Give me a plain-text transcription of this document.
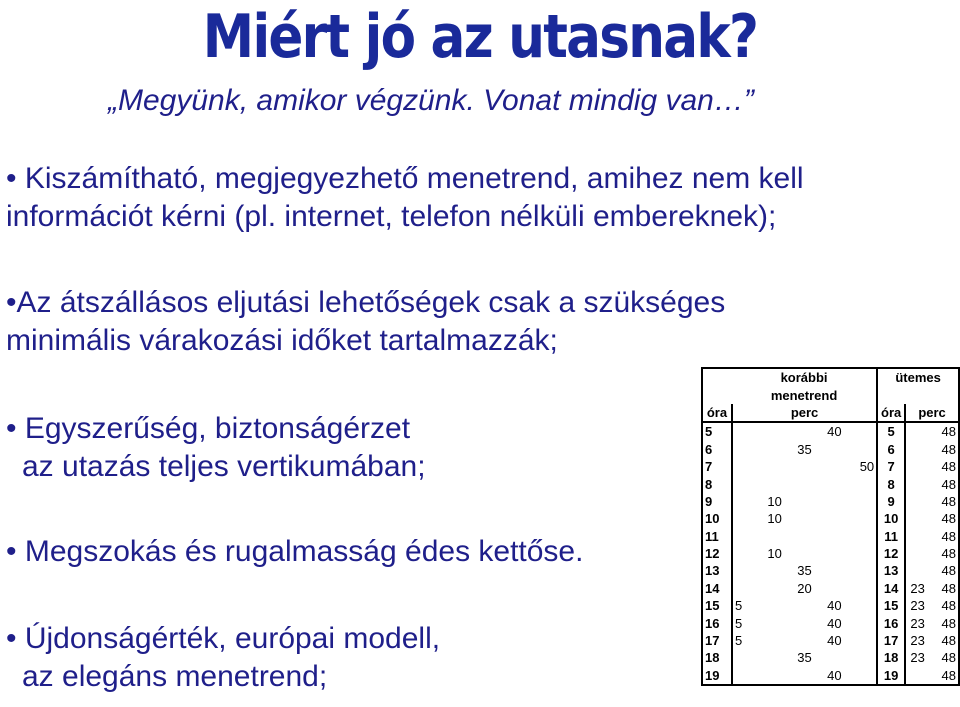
Miért jó az utasnak?
„Megyünk, amikor végzünk. Vonat mindig van…”
• Kiszámítható, megjegyezhető menetrend, amihez nem kell
információt kérni (pl. internet, telefon nélküli embereknek);
•Az átszállásos eljutási lehetőségek csak a szükséges
minimális várakozási időket tartalmazzák;
• Egyszerűség, biztonságérzet
az utazás teljes vertikumában;
• Megszokás és rugalmasság édes kettőse.
• Újdonságérték, európai modell,
az elegáns menetrend;
	korábbi					ütemes		
	menetrend							
óra	perc					óra	perc	
5				40		5		48
6			35			6		48
7					50	7		48
8						8		48
9		10				9		48
10		10				10		48
11						11		48
12		10				12		48
13			35			13		48
14			20			14	23	48
15	5			40		15	23	48
16	5			40		16	23	48
17	5			40		17	23	48
18			35			18	23	48
19				40		19		48
